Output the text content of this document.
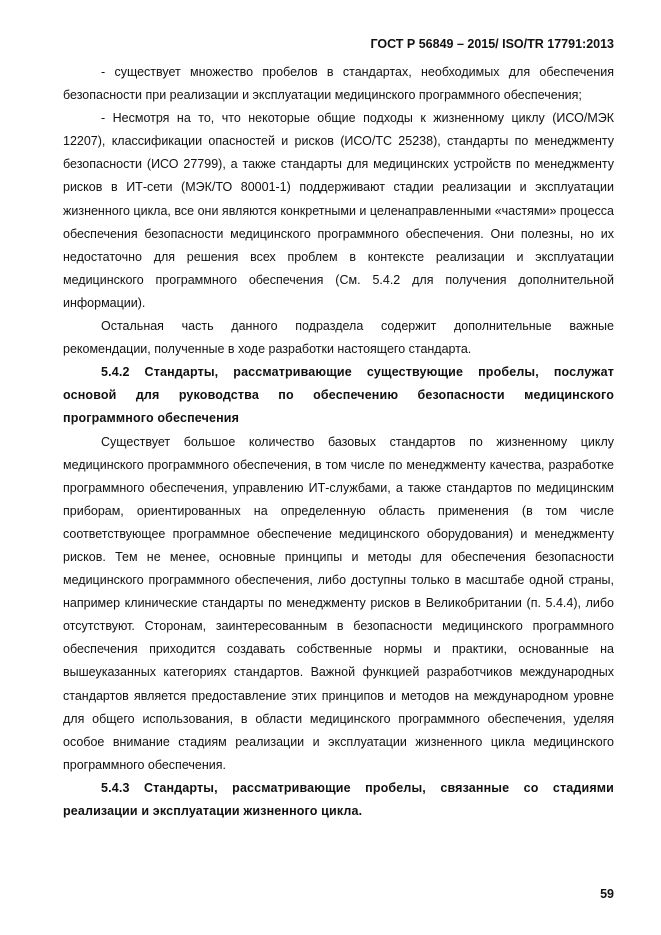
ГОСТ Р 56849 – 2015/ ISO/TR 17791:2013

- существует множество пробелов в стандартах, необходимых для обеспечения безопасности при реализации и эксплуатации медицинского программного обеспечения;

- Несмотря на то, что некоторые общие подходы к жизненному циклу (ИСО/МЭК 12207), классификации опасностей и рисков (ИСО/ТС 25238), стандарты по менеджменту безопасности (ИСО 27799), а также стандарты для медицинских устройств по менеджменту рисков в ИТ-сети (МЭК/ТО 80001-1) поддерживают стадии реализации и эксплуатации жизненного цикла, все они являются конкретными и целенаправленными «частями» процесса обеспечения безопасности медицинского программного обеспечения. Они полезны, но их недостаточно для решения всех проблем в контексте реализации и эксплуатации медицинского программного обеспечения (См. 5.4.2 для получения дополнительной информации).

Остальная часть данного подраздела содержит дополнительные важные рекомендации, полученные в ходе разработки настоящего стандарта.

5.4.2 Стандарты, рассматривающие существующие пробелы, послужат основой для руководства по обеспечению безопасности медицинского программного обеспечения

Существует большое количество базовых стандартов по жизненному циклу медицинского программного обеспечения, в том числе по менеджменту качества, разработке программного обеспечения, управлению ИТ-службами, а также стандартов по медицинским приборам, ориентированных на определенную область применения (в том числе соответствующее программное обеспечение медицинского оборудования) и менеджменту рисков. Тем не менее, основные принципы и методы для обеспечения безопасности медицинского программного обеспечения, либо доступны только в масштабе одной страны, например клинические стандарты по менеджменту рисков в Великобритании (п. 5.4.4), либо отсутствуют. Сторонам, заинтересованным в безопасности медицинского программного обеспечения приходится создавать собственные нормы и практики, основанные на вышеуказанных категориях стандартов. Важной функцией разработчиков международных стандартов является предоставление этих принципов и методов на международном уровне для общего использования, в области медицинского программного обеспечения, уделяя особое внимание стадиям реализации и эксплуатации жизненного цикла медицинского программного обеспечения.

5.4.3 Стандарты, рассматривающие пробелы, связанные со стадиями реализации и эксплуатации жизненного цикла.

59
